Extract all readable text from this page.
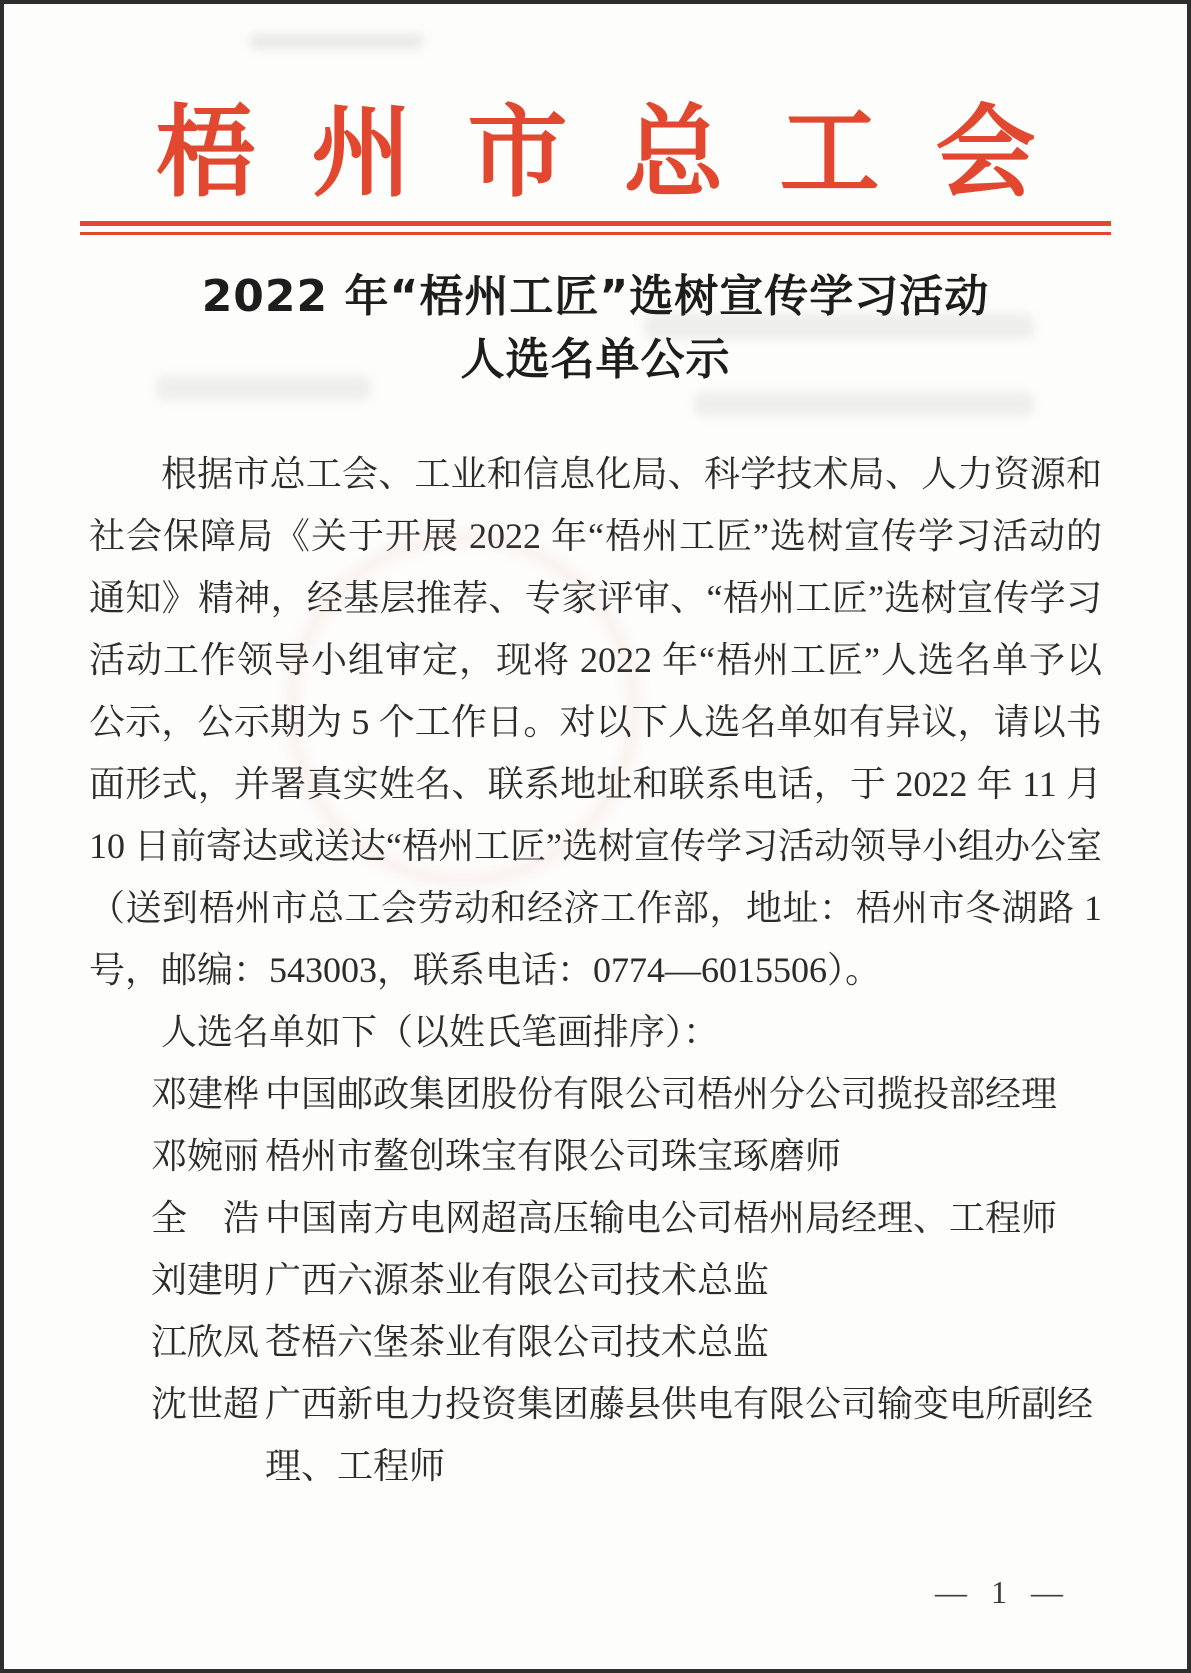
梧州市总工会
2022 年“梧州工匠”选树宣传学习活动
人选名单公示

根据市总工会、工业和信息化局、科学技术局、人力资源和社会保障局《关于开展 2022 年“梧州工匠”选树宣传学习活动的通知》精神，经基层推荐、专家评审、“梧州工匠”选树宣传学习活动工作领导小组审定，现将 2022 年“梧州工匠”人选名单予以公示，公示期为 5 个工作日。对以下人选名单如有异议，请以书面形式，并署真实姓名、联系地址和联系电话，于 2022 年 11 月 10 日前寄达或送达“梧州工匠”选树宣传学习活动领导小组办公室（送到梧州市总工会劳动和经济工作部，地址：梧州市冬湖路 1 号，邮编：543003，联系电话：0774—6015506）。

人选名单如下（以姓氏笔画排序）：

邓建桦 中国邮政集团股份有限公司梧州分公司揽投部经理
邓婉丽 梧州市鳌创珠宝有限公司珠宝琢磨师
全　浩 中国南方电网超高压输电公司梧州局经理、工程师
刘建明 广西六源茶业有限公司技术总监
江欣凤 苍梧六堡茶业有限公司技术总监
沈世超 广西新电力投资集团藤县供电有限公司输变电所副经理、工程师
— 1 —
